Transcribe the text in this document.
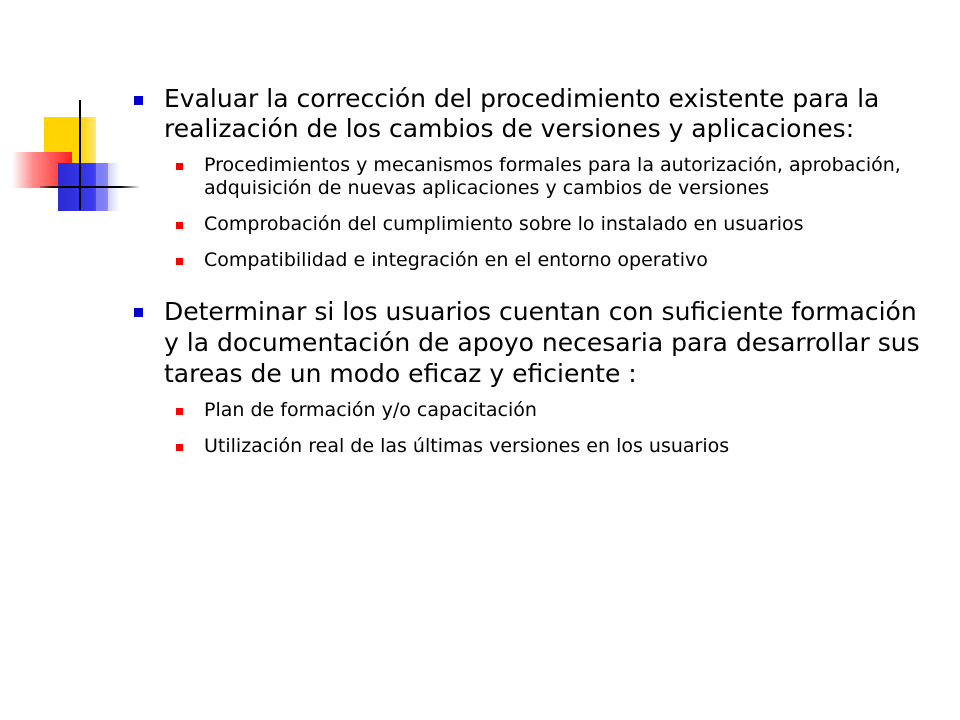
Evaluar la corrección del procedimiento existente para la realización de los cambios de versiones y aplicaciones:
Procedimientos y mecanismos formales para la autorización, aprobación, adquisición de nuevas aplicaciones y cambios de versiones
Comprobación del cumplimiento sobre lo instalado en usuarios
Compatibilidad e integración en el entorno operativo
Determinar si los usuarios cuentan con suficiente formación y la documentación de apoyo necesaria para desarrollar sus tareas de un modo eficaz y eficiente :
Plan de formación y/o capacitación
Utilización real de las últimas versiones en los usuarios
